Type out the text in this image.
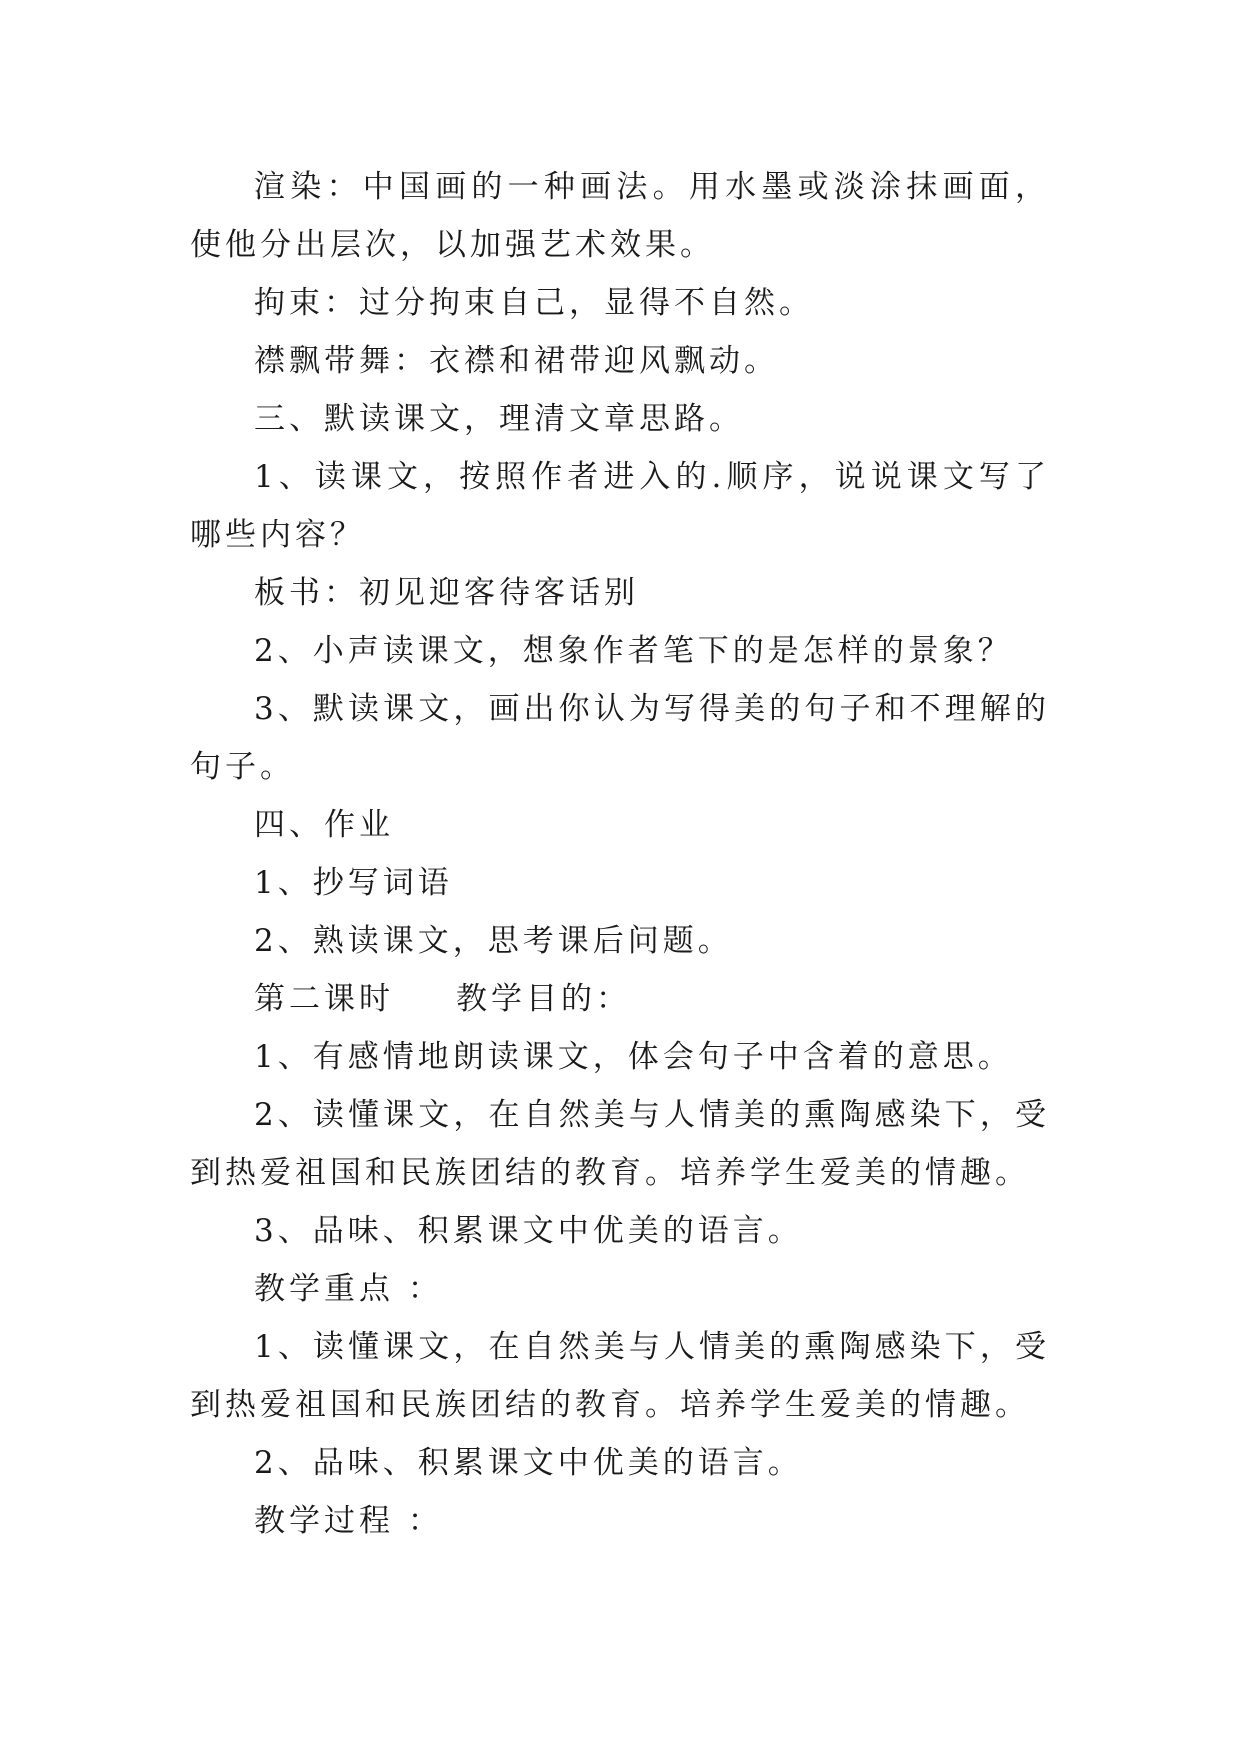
渲染：中国画的一种画法。用水墨或淡涂抹画面，使他分出层次，以加强艺术效果。

拘束：过分拘束自己，显得不自然。

襟飘带舞：衣襟和裙带迎风飘动。

三、默读课文，理清文章思路。

1、读课文，按照作者进入的.顺序，说说课文写了哪些内容？

板书：初见迎客待客话别

2、小声读课文，想象作者笔下的是怎样的景象？

3、默读课文，画出你认为写得美的句子和不理解的句子。

四、作业

1、抄写词语

2、熟读课文，思考课后问题。

第二课时 教学目的：

1、有感情地朗读课文，体会句子中含着的意思。

2、读懂课文，在自然美与人情美的熏陶感染下，受到热爱祖国和民族团结的教育。培养学生爱美的情趣。

3、品味、积累课文中优美的语言。

教学重点 ：

1、读懂课文，在自然美与人情美的熏陶感染下，受到热爱祖国和民族团结的教育。培养学生爱美的情趣。

2、品味、积累课文中优美的语言。

教学过程 ：
